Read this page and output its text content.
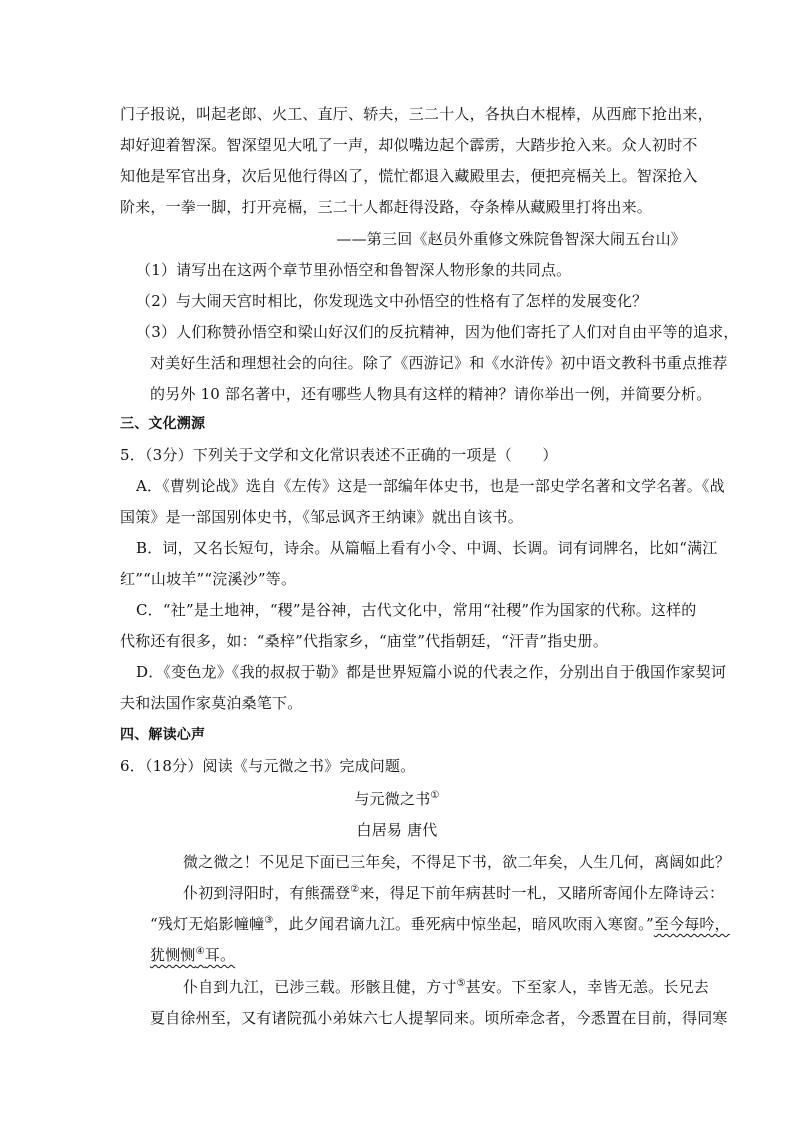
门子报说，叫起老郎、火工、直厅、轿夫，三二十人，各执白木棍棒，从西廊下抢出来，
却好迎着智深。智深望见大吼了一声，却似嘴边起个霹雳，大踏步抢入来。众人初时不
知他是军官出身，次后见他行得凶了，慌忙都退入藏殿里去，便把亮槅关上。智深抢入
阶来，一拳一脚，打开亮槅，三二十人都赶得没路，夺条棒从藏殿里打将出来。
——第三回《赵员外重修文殊院鲁智深大闹五台山》
（1）请写出在这两个章节里孙悟空和鲁智深人物形象的共同点。
（2）与大闹天宫时相比，你发现选文中孙悟空的性格有了怎样的发展变化？
（3）人们称赞孙悟空和梁山好汉们的反抗精神，因为他们寄托了人们对自由平等的追求，
对美好生活和理想社会的向往。除了《西游记》和《水浒传》初中语文教科书重点推荐
的另外 10 部名著中，还有哪些人物具有这样的精神？请你举出一例，并简要分析。
三、文化溯源
5．（3分）下列关于文学和文化常识表述不正确的一项是（　　）
A．《曹刿论战》选自《左传》这是一部编年体史书，也是一部史学名著和文学名著。《战
国策》是一部国别体史书，《邹忌讽齐王纳谏》就出自该书。
B．词，又名长短句，诗余。从篇幅上看有小令、中调、长调。词有词牌名，比如“满江
红”“山坡羊”“浣溪沙”等。
C．“社”是土地神，“稷”是谷神，古代文化中，常用“社稷”作为国家的代称。这样的
代称还有很多，如：“桑梓”代指家乡，“庙堂”代指朝廷，“汗青”指史册。
D．《变色龙》《我的叔叔于勒》都是世界短篇小说的代表之作，分别出自于俄国作家契诃
夫和法国作家莫泊桑笔下。
四、解读心声
6．（18分）阅读《与元微之书》完成问题。
与元微之书①
白居易 唐代
微之微之！不见足下面已三年矣，不得足下书，欲二年矣，人生几何，离阔如此？
仆初到浔阳时，有熊孺登②来，得足下前年病甚时一札，又睹所寄闻仆左降诗云：
“残灯无焰影幢幢③，此夕闻君谪九江。垂死病中惊坐起，暗风吹雨入寒窗。”至今每吟，
犹恻恻④耳。
仆自到九江，已涉三载。形骸且健，方寸⑤甚安。下至家人，幸皆无恙。长兄去
夏自徐州至，又有诸院孤小弟妹六七人提挈同来。顷所牵念者，今悉置在目前，得同寒
